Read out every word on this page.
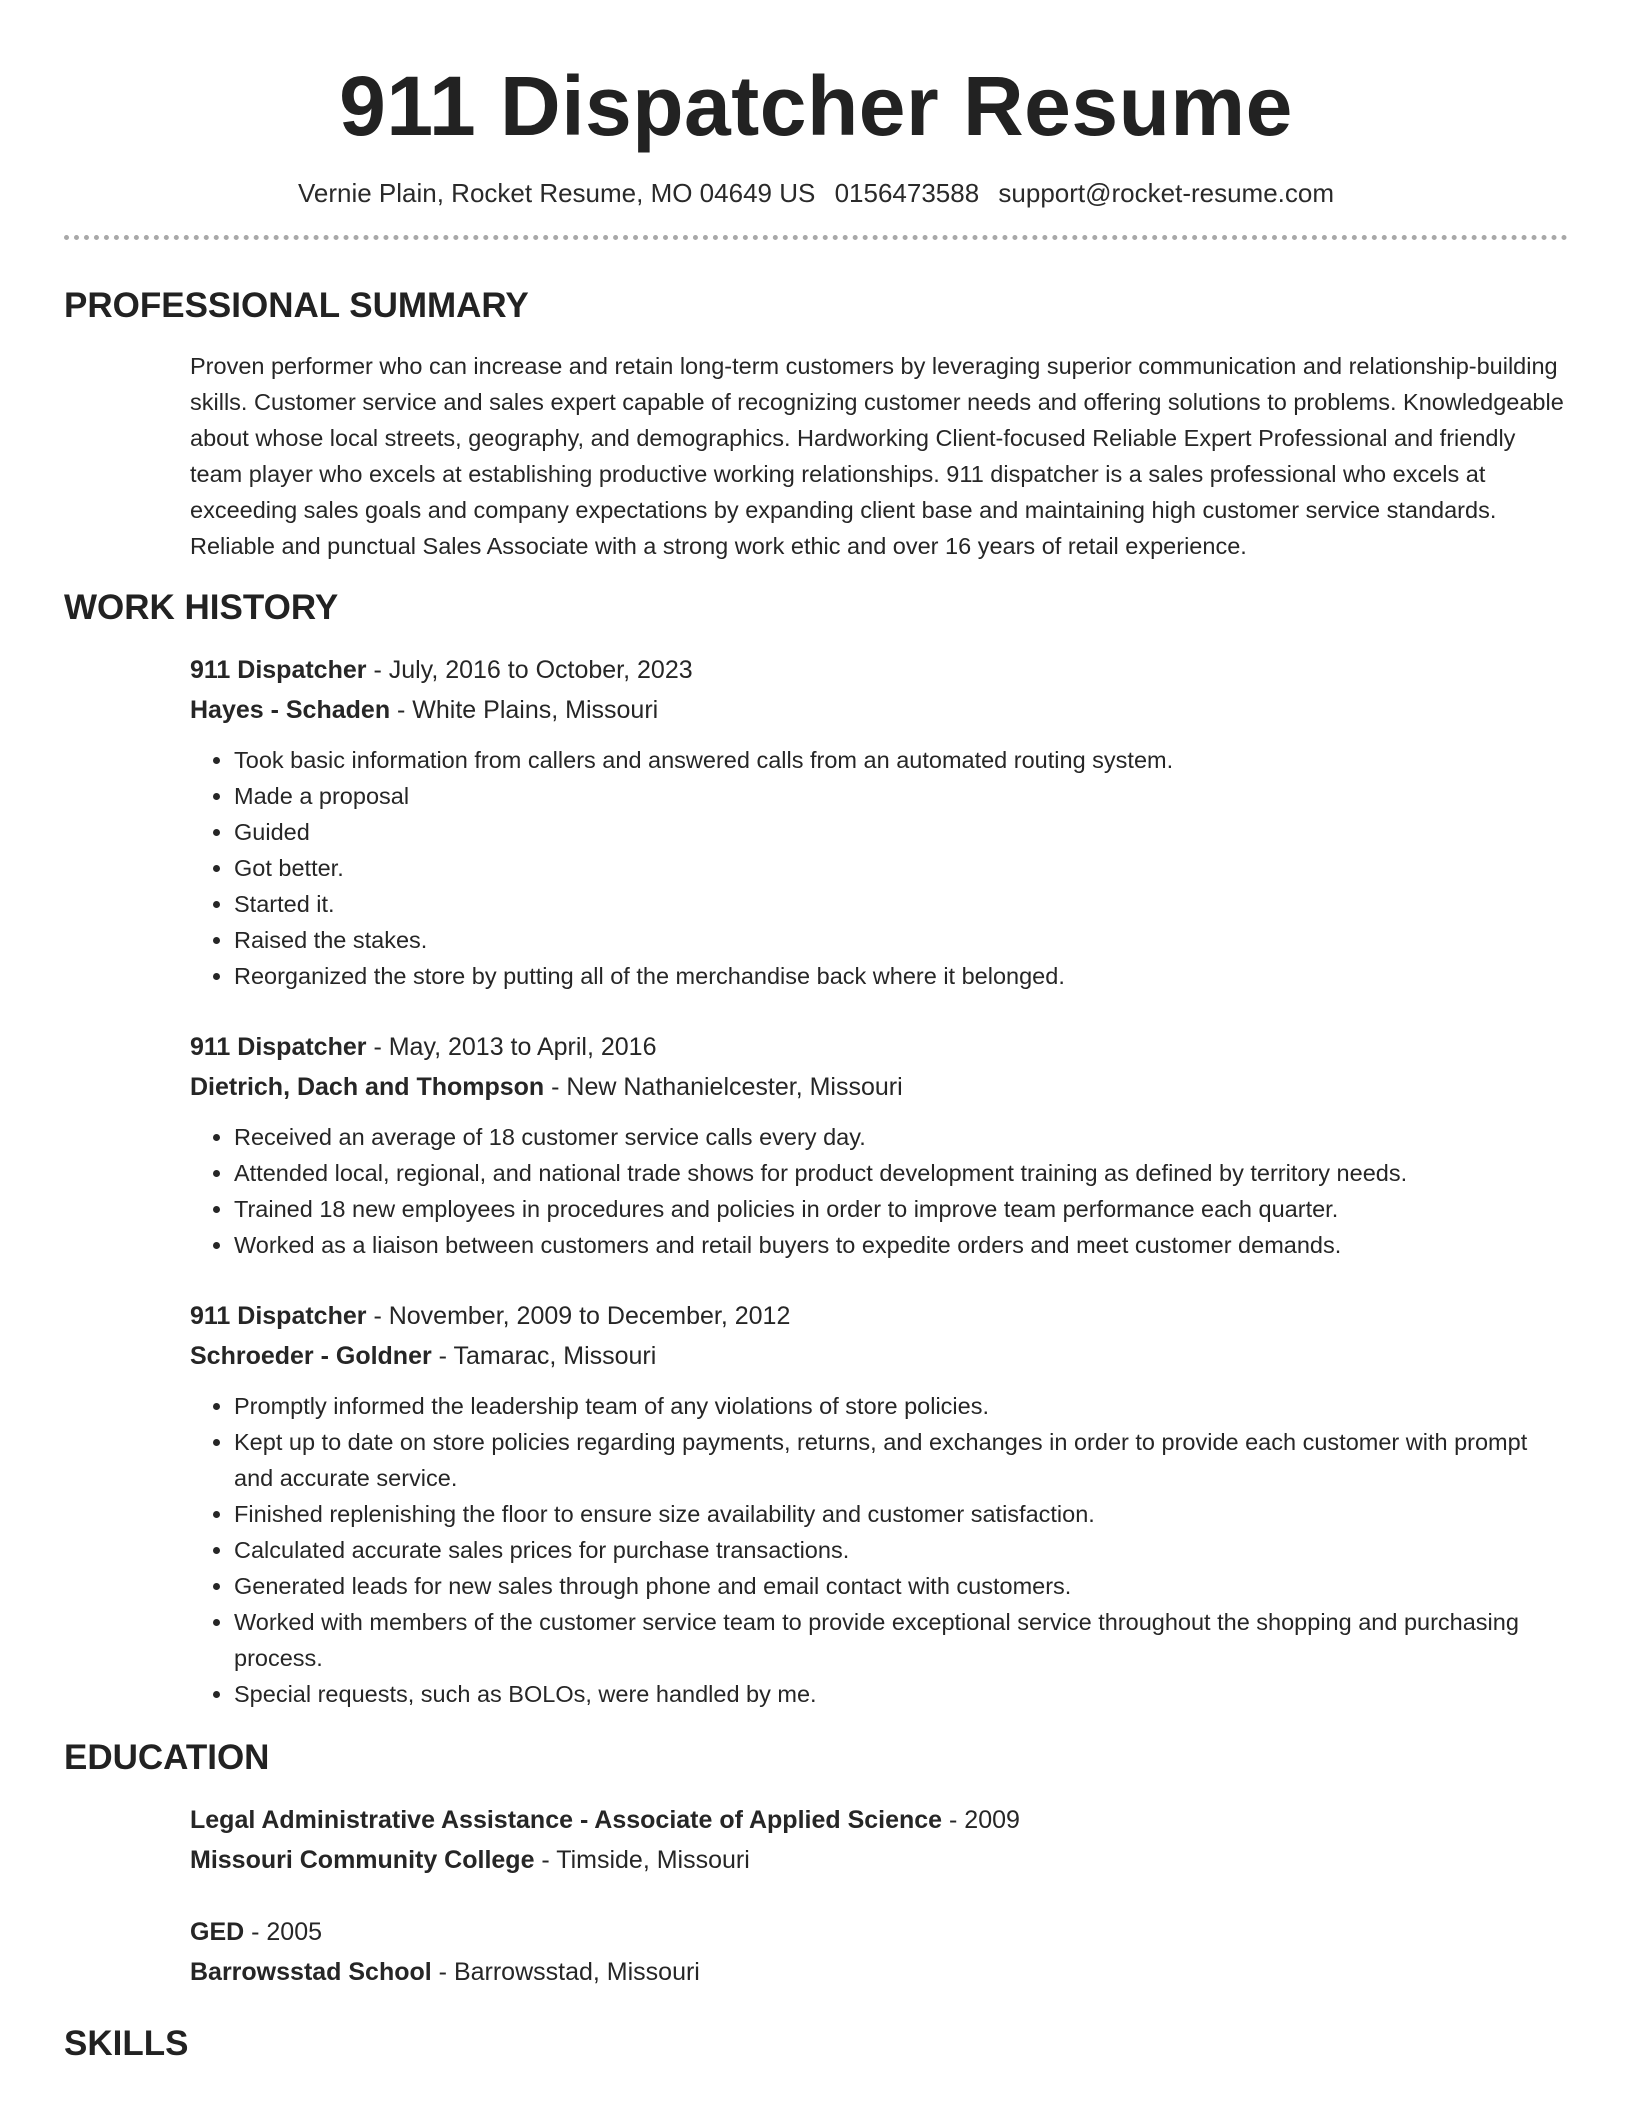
911 Dispatcher Resume
Vernie Plain, Rocket Resume, MO 04649 US 0156473588 support@rocket-resume.com
PROFESSIONAL SUMMARY
Proven performer who can increase and retain long-term customers by leveraging superior communication and relationship-building skills. Customer service and sales expert capable of recognizing customer needs and offering solutions to problems. Knowledgeable about whose local streets, geography, and demographics. Hardworking Client-focused Reliable Expert Professional and friendly team player who excels at establishing productive working relationships. 911 dispatcher is a sales professional who excels at exceeding sales goals and company expectations by expanding client base and maintaining high customer service standards. Reliable and punctual Sales Associate with a strong work ethic and over 16 years of retail experience.
WORK HISTORY
911 Dispatcher - July, 2016 to October, 2023
Hayes - Schaden - White Plains, Missouri
• Took basic information from callers and answered calls from an automated routing system.
• Made a proposal
• Guided
• Got better.
• Started it.
• Raised the stakes.
• Reorganized the store by putting all of the merchandise back where it belonged.
911 Dispatcher - May, 2013 to April, 2016
Dietrich, Dach and Thompson - New Nathanielcester, Missouri
• Received an average of 18 customer service calls every day.
• Attended local, regional, and national trade shows for product development training as defined by territory needs.
• Trained 18 new employees in procedures and policies in order to improve team performance each quarter.
• Worked as a liaison between customers and retail buyers to expedite orders and meet customer demands.
911 Dispatcher - November, 2009 to December, 2012
Schroeder - Goldner - Tamarac, Missouri
• Promptly informed the leadership team of any violations of store policies.
• Kept up to date on store policies regarding payments, returns, and exchanges in order to provide each customer with prompt and accurate service.
• Finished replenishing the floor to ensure size availability and customer satisfaction.
• Calculated accurate sales prices for purchase transactions.
• Generated leads for new sales through phone and email contact with customers.
• Worked with members of the customer service team to provide exceptional service throughout the shopping and purchasing process.
• Special requests, such as BOLOs, were handled by me.
EDUCATION
Legal Administrative Assistance - Associate of Applied Science - 2009
Missouri Community College - Timside, Missouri
GED - 2005
Barrowsstad School - Barrowsstad, Missouri
SKILLS
